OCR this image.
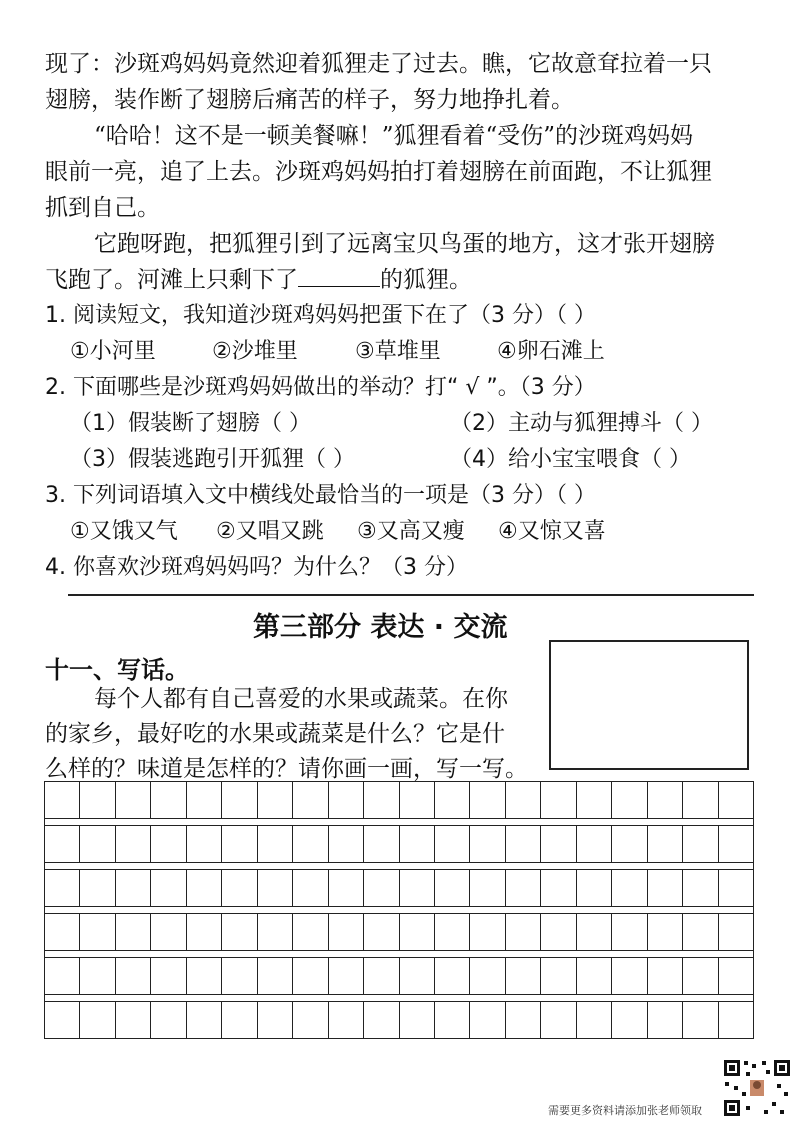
现了：沙斑鸡妈妈竟然迎着狐狸走了过去。瞧，它故意耷拉着一只
翅膀，装作断了翅膀后痛苦的样子，努力地挣扎着。
“哈哈！这不是一顿美餐嘛！”狐狸看着“受伤”的沙斑鸡妈妈
眼前一亮，追了上去。沙斑鸡妈妈拍打着翅膀在前面跑，不让狐狸
抓到自己。
它跑呀跑，把狐狸引到了远离宝贝鸟蛋的地方，这才张开翅膀
飞跑了。河滩上只剩下了	的狐狸。
1. 阅读短文，我知道沙斑鸡妈妈把蛋下在了（3 分）（ ）
①小河里	②沙堆里	③草堆里	④卵石滩上
2. 下面哪些是沙斑鸡妈妈做出的举动？打“ √ ”。（3 分）
（1）假装断了翅膀（ ）	（2）主动与狐狸搏斗（ ）
（3）假装逃跑引开狐狸（ ）	（4）给小宝宝喂食（ ）
3. 下列词语填入文中横线处最恰当的一项是（3 分）（ ）
①又饿又气 ②又唱又跳 ③又高又瘦 ④又惊又喜
4. 你喜欢沙斑鸡妈妈吗？为什么？（3 分）
第三部分 表达 · 交流
十一、写话。
每个人都有自己喜爱的水果或蔬菜。在你
的家乡，最好吃的水果或蔬菜是什么？它是什
么样的？味道是怎样的？请你画一画，写一写。
需要更多资料请添加张老师领取
